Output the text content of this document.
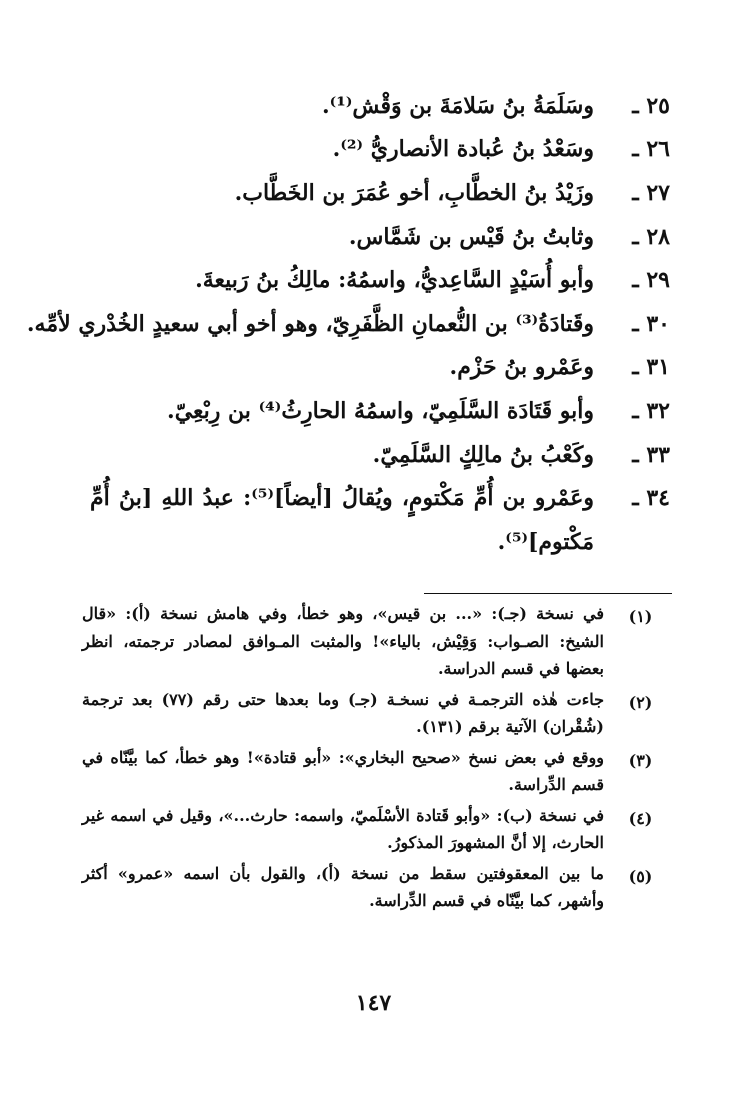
٢٥ ـ
وسَلَمَةُ بنُ سَلامَةَ بن وَقْش⁽¹⁾.
٢٦ ـ
وسَعْدُ بنُ عُبادة الأنصاريُّ ⁽²⁾.
٢٧ ـ
وزَيْدُ بنُ الخطَّابِ، أخو عُمَرَ بن الخَطَّاب.
٢٨ ـ
وثابتُ بنُ قَيْس بن شَمَّاس.
٢٩ ـ
وأبو أُسَيْدٍ السَّاعِديُّ، واسمُهُ: مالِكُ بنُ رَبيعةَ.
٣٠ ـ
وقَتادَةُ⁽³⁾ بن النُّعمانِ الظَّفَرِيّ، وهو أخو أبي سعيدٍ الخُدْري لأمِّه.
٣١ ـ
وعَمْرو بنُ حَزْم.
٣٢ ـ
وأبو قَتَادَة السَّلَمِيّ، واسمُهُ الحارِثُ⁽⁴⁾ بن رِبْعِيّ.
٣٣ ـ
وكَعْبُ بنُ مالِكٍ السَّلَمِيّ.
٣٤ ـ
وعَمْرو بن أُمِّ مَكْتومٍ، ويُقالُ [أيضاً]⁽⁵⁾: عبدُ اللهِ [بنُ أُمِّ مَكْتوم]⁽⁵⁾.
(١)
في نسخة (جـ): «... بن قيس»، وهو خطأ، وفي هامش نسخة (أ): «قال الشيخ: الصـواب: وَقِيْش، بالياء»! والمثبت المـوافق لمصادر ترجمته، انظر بعضها في قسم الدراسة.
(٢)
جاءت هٰذه الترجمـة في نسخـة (جـ) وما بعدها حتى رقم (٧٧) بعد ترجمة (شُقْران) الآتية برقم (١٣١).
(٣)
ووقع في بعض نسخ «صحيح البخاري»: «أبو قتادة»! وهو خطأ، كما بيَّنّاه في قسم الدِّراسة.
(٤)
في نسخة (ب): «وأبو قَتادة الأسْلَميّ، واسمه: حارث...»، وقيل في اسمه غير الحارث، إلا أنَّ المشهورَ المذكورُ.
(٥)
ما بين المعقوفتين سقط من نسخة (أ)، والقول بأن اسمه «عمرو» أكثر وأشهر، كما بيَّنّاه في قسم الدِّراسة.
١٤٧
